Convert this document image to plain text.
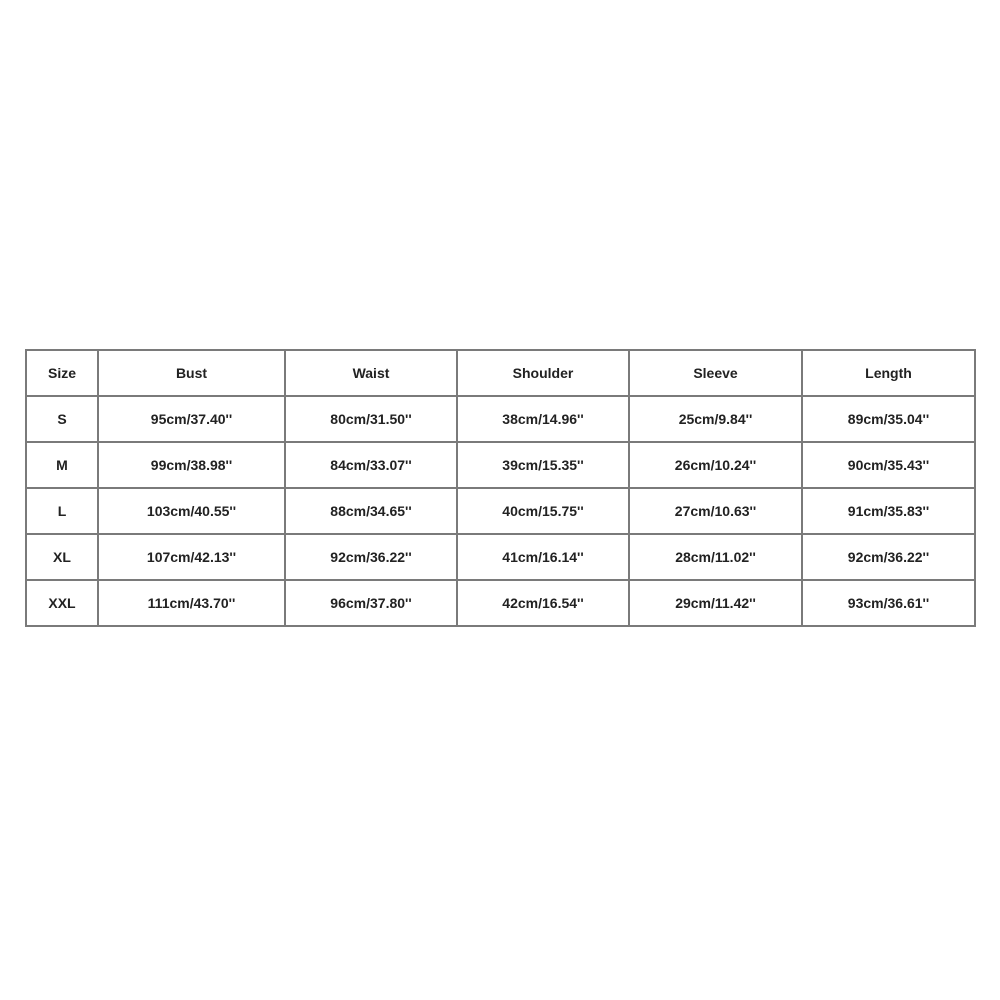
Size	Bust	Waist	Shoulder	Sleeve	Length
S	95cm/37.40''	80cm/31.50''	38cm/14.96''	25cm/9.84''	89cm/35.04''
M	99cm/38.98''	84cm/33.07''	39cm/15.35''	26cm/10.24''	90cm/35.43''
L	103cm/40.55''	88cm/34.65''	40cm/15.75''	27cm/10.63''	91cm/35.83''
XL	107cm/42.13''	92cm/36.22''	41cm/16.14''	28cm/11.02''	92cm/36.22''
XXL	111cm/43.70''	96cm/37.80''	42cm/16.54''	29cm/11.42''	93cm/36.61''
